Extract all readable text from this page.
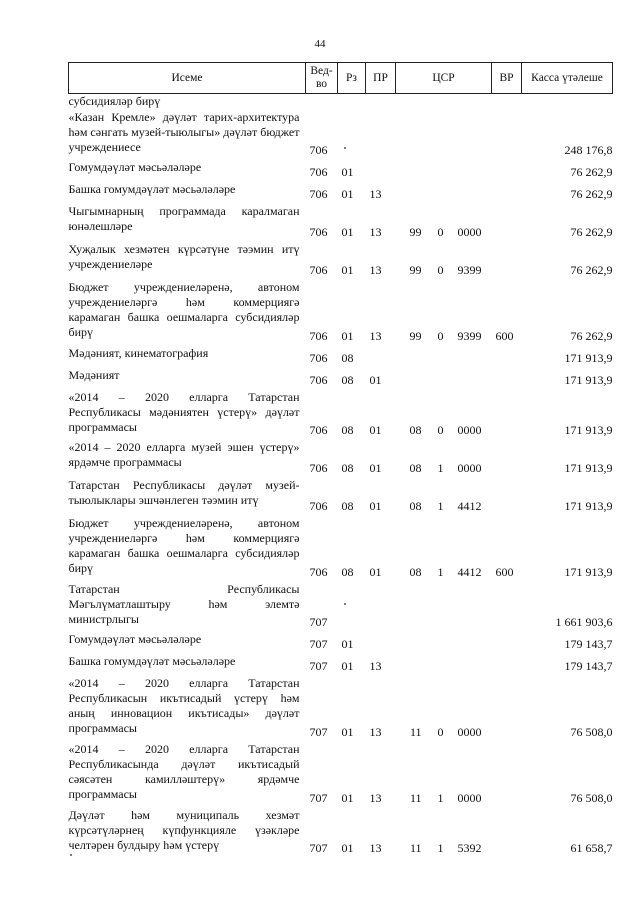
44
Исеме	Вед-во	Рз	ПР	ЦСР			ВР	Касса үтәлеше

субсидияләр бирү								

«Казан Кремле» дәүләт тарих-архитектура һәм сәнгать музей-тыюлыгы» дәүләт бюджет учреждениесе	706							248 176,8

Гомумдәүләт мәсьәләләре	706	01						76 262,9

Башка гомумдәүләт мәсьәләләре	706	01	13					76 262,9

Чыгымнарның программада каралмаган юнәлешләре	706	01	13	99	0	0000		76 262,9

Хуҗалык хезмәтен күрсәтүне тәэмин итү учреждениеләре	706	01	13	99	0	9399		76 262,9

Бюджет учреждениеләренә, автоном учреждениеләргә һәм коммерциягә карамаган башка оешмаларга субсидияләр бирү	706	01	13	99	0	9399	600	76 262,9

Мәдәният, кинематография	706	08						171 913,9

Мәдәният	706	08	01					171 913,9

«2014 – 2020 елларга Татарстан Республикасы мәдәниятен үстерү» дәүләт программасы	706	08	01	08	0	0000		171 913,9

«2014 – 2020 елларга музей эшен үстерү» ярдәмче программасы	706	08	01	08	1	0000		171 913,9

Татарстан Республикасы дәүләт музей-тыюлыклары эшчәнлеген тәэмин итү	706	08	01	08	1	4412		171 913,9

Бюджет учреждениеләренә, автоном учреждениеләргә һәм коммерциягә карамаган башка оешмаларга субсидияләр бирү	706	08	01	08	1	4412	600	171 913,9

Татарстан Республикасы Мәгълүматлаштыру һәм элемтә министрлыгы	707							1 661 903,6

Гомумдәүләт мәсьәләләре	707	01						179 143,7

Башка гомумдәүләт мәсьәләләре	707	01	13					179 143,7

«2014 – 2020 елларга Татарстан Республикасын икътисадый үстерү һәм аның инновацион икътисады» дәүләт программасы	707	01	13	11	0	0000		76 508,0

«2014 – 2020 елларга Татарстан Республикасында дәүләт икътисадый сәясәтен камилләштерү» ярдәмче программасы	707	01	13	11	1	0000		76 508,0

Дәүләт һәм муниципаль хезмәт күрсәтүләрнең күпфункцияле үзәкләре челтәрен булдыру һәм үстерү	707	01	13	11	1	5392		61 658,7
